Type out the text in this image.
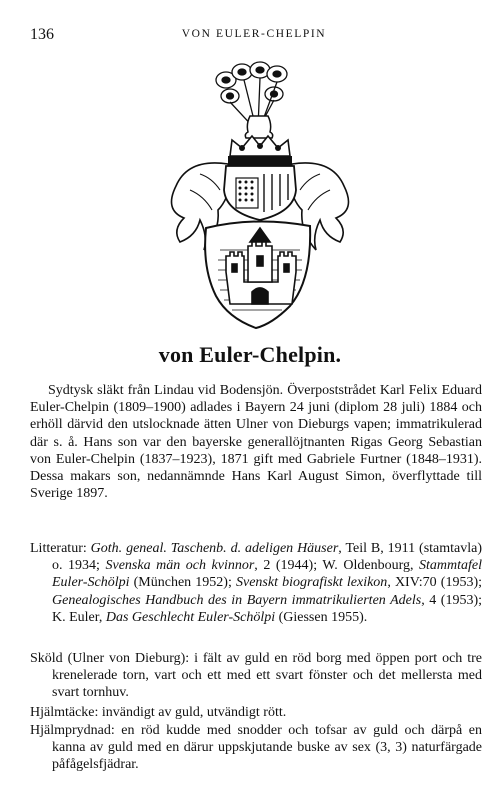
136	VON EULER-CHELPIN
von Euler-Chelpin.

Sydtysk släkt från Lindau vid Bodensjön. Överpoststrådet Karl Felix Eduard Euler-Chelpin (1809–1900) adlades i Bayern 24 juni (diplom 28 juli) 1884 och erhöll därvid den utslocknade ätten Ulner von Dieburgs vapen; immatrikulerad där s. å. Hans son var den bayerske generallöjtnanten Rigas Georg Sebastian von Euler-Chelpin (1837–1923), 1871 gift med Gabriele Furtner (1848–1931). Dessa makars son, nedannämnde Hans Karl August Simon, överflyttade till Sverige 1897.

Litteratur: Goth. geneal. Taschenb. d. adeligen Häuser, Teil B, 1911 (stamtavla) o. 1934; Svenska män och kvinnor, 2 (1944); W. Oldenbourg, Stammtafel Euler-Schölpi (München 1952); Svenskt biografiskt lexikon, XIV:70 (1953); Genealogisches Handbuch des in Bayern immatrikulierten Adels, 4 (1953); K. Euler, Das Geschlecht Euler-Schölpi (Giessen 1955).
Sköld (Ulner von Dieburg): i fält av guld en röd borg med öppen port och tre krenelerade torn, vart och ett med ett svart fönster och det mellersta med svart tornhuv.
Hjälmtäcke: invändigt av guld, utvändigt rött.
Hjälmprydnad: en röd kudde med snodder och tofsar av guld och därpå en kanna av guld med en därur uppskjutande buske av sex (3, 3) naturfärgade påfågelsfjädrar.
